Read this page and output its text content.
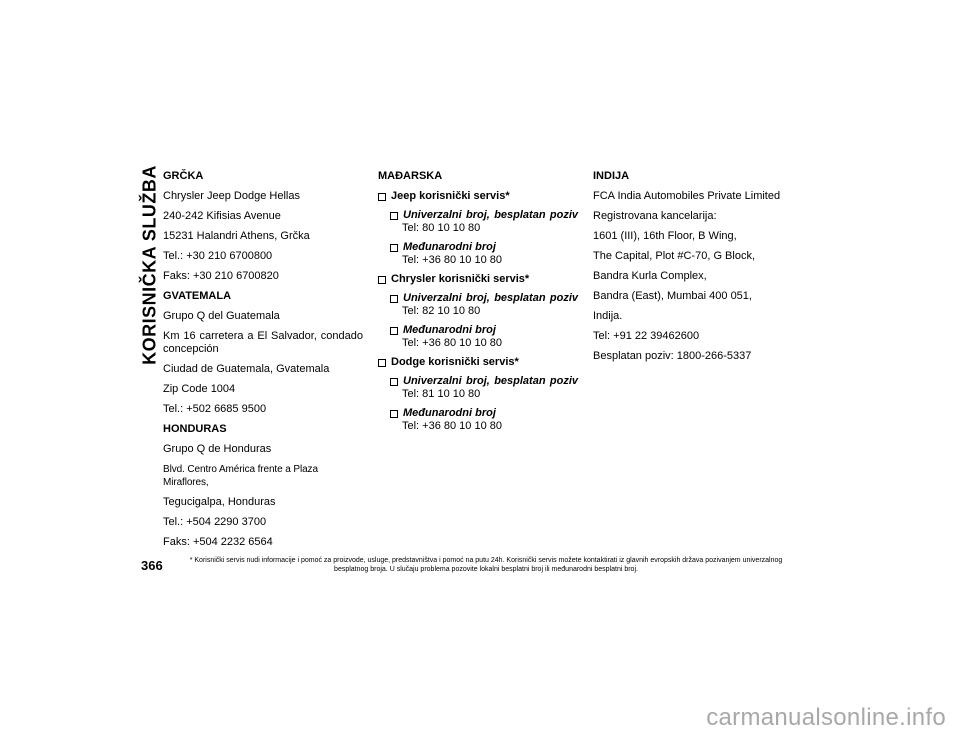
KORISNIČKA SLUŽBA GRČKA
Chrysler Jeep Dodge Hellas
240-242 Kifisias Avenue
15231 Halandri Athens, Grčka
Tel.: +30 210 6700800
Faks: +30 210 6700820
GVATEMALA
Grupo Q del Guatemala
Km 16 carretera a El Salvador, condado concepción
Ciudad de Guatemala, Gvatemala
Zip Code 1004
Tel.: +502 6685 9500
HONDURAS
Grupo Q de Honduras
Blvd. Centro América frente a Plaza Miraflores,
Tegucigalpa, Honduras
Tel.: +504 2290 3700
Faks: +504 2232 6564
MAĐARSKA
Jeep korisnički servis*
Univerzalni broj, besplatan poziv
Tel: 80 10 10 80
Međunarodni broj
Tel: +36 80 10 10 80
Chrysler korisnički servis*
Univerzalni broj, besplatan poziv
Tel: 82 10 10 80
Međunarodni broj
Tel: +36 80 10 10 80
Dodge korisnički servis*
Univerzalni broj, besplatan poziv
Tel: 81 10 10 80
Međunarodni broj
Tel: +36 80 10 10 80
INDIJA
FCA India Automobiles Private Limited
Registrovana kancelarija:
1601 (III), 16th Floor, B Wing,
The Capital, Plot #C-70, G Block,
Bandra Kurla Complex,
Bandra (East), Mumbai 400 051,
Indija.
Tel: +91 22 39462600
Besplatan poziv: 1800-266-5337
366	* Korisnički servis nudi informacije i pomoć za proizvode, usluge, predstavništva i pomoć na putu 24h. Korisnički servis možete kontaktirati iz glavnih evropskih država pozivanjem univerzalnog besplatnog broja. U slučaju problema pozovite lokalni besplatni broj ili međunarodni besplatni broj.
carmanualsonline.info
